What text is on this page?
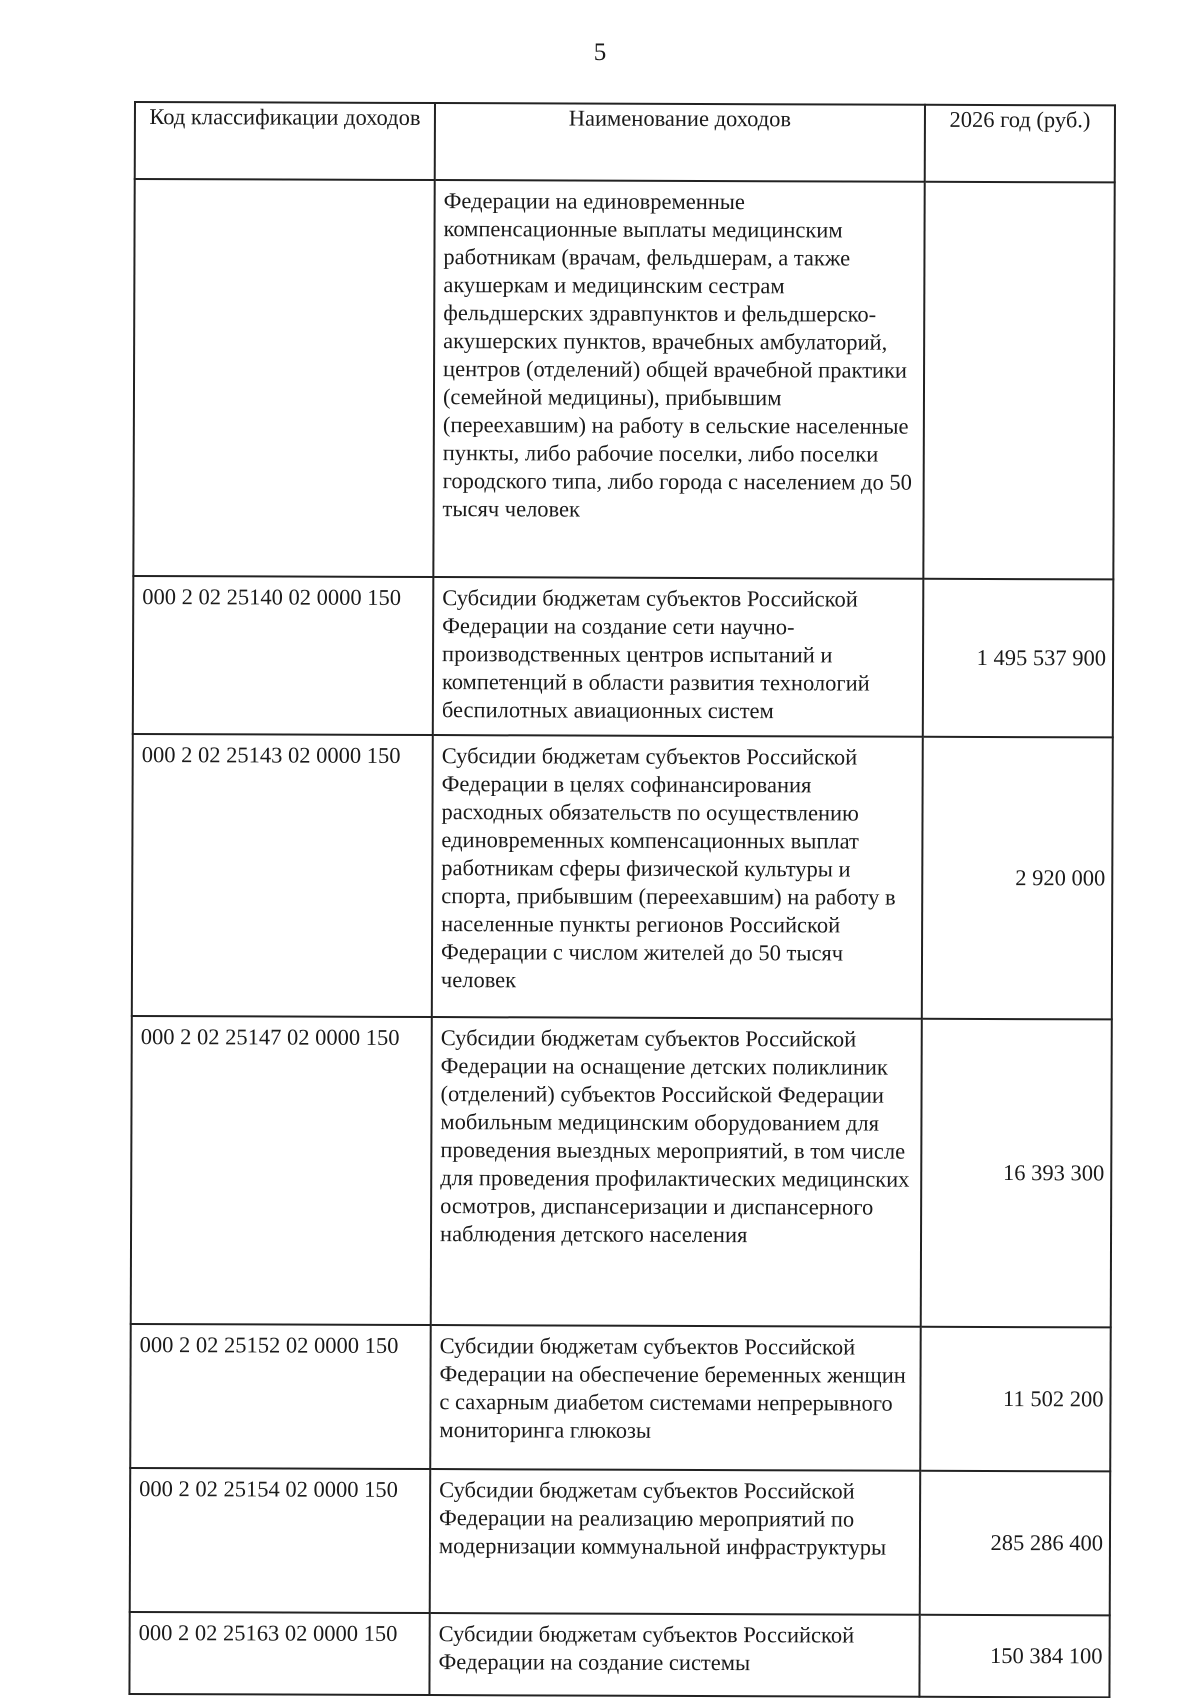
5
Код классификации доходов	Наименование доходов	2026 год (руб.)
	Федерации на единовременные компенсационные выплаты медицинским работникам (врачам, фельдшерам, а также акушеркам и медицинским сестрам фельдшерских здравпунктов и фельдшерско-акушерских пунктов, врачебных амбулаторий, центров (отделений) общей врачебной практики (семейной медицины), прибывшим (переехавшим) на работу в сельские населенные пункты, либо рабочие поселки, либо поселки городского типа, либо города с населением до 50 тысяч человек	
000 2 02 25140 02 0000 150	Субсидии бюджетам субъектов Российской Федерации на создание сети научно-производственных центров испытаний и компетенций в области развития технологий беспилотных авиационных систем	1 495 537 900
000 2 02 25143 02 0000 150	Субсидии бюджетам субъектов Российской Федерации в целях софинансирования расходных обязательств по осуществлению единовременных компенсационных выплат работникам сферы физической культуры и спорта, прибывшим (переехавшим) на работу в населенные пункты регионов Российской Федерации с числом жителей до 50 тысяч человек	2 920 000
000 2 02 25147 02 0000 150	Субсидии бюджетам субъектов Российской Федерации на оснащение детских поликлиник (отделений) субъектов Российской Федерации мобильным медицинским оборудованием для проведения выездных мероприятий, в том числе для проведения профилактических медицинских осмотров, диспансеризации и диспансерного наблюдения детского населения	16 393 300
000 2 02 25152 02 0000 150	Субсидии бюджетам субъектов Российской Федерации на обеспечение беременных женщин с сахарным диабетом системами непрерывного мониторинга глюкозы	11 502 200
000 2 02 25154 02 0000 150	Субсидии бюджетам субъектов Российской Федерации на реализацию мероприятий по модернизации коммунальной инфраструктуры	285 286 400
000 2 02 25163 02 0000 150	Субсидии бюджетам субъектов Российской Федерации на создание системы	150 384 100
